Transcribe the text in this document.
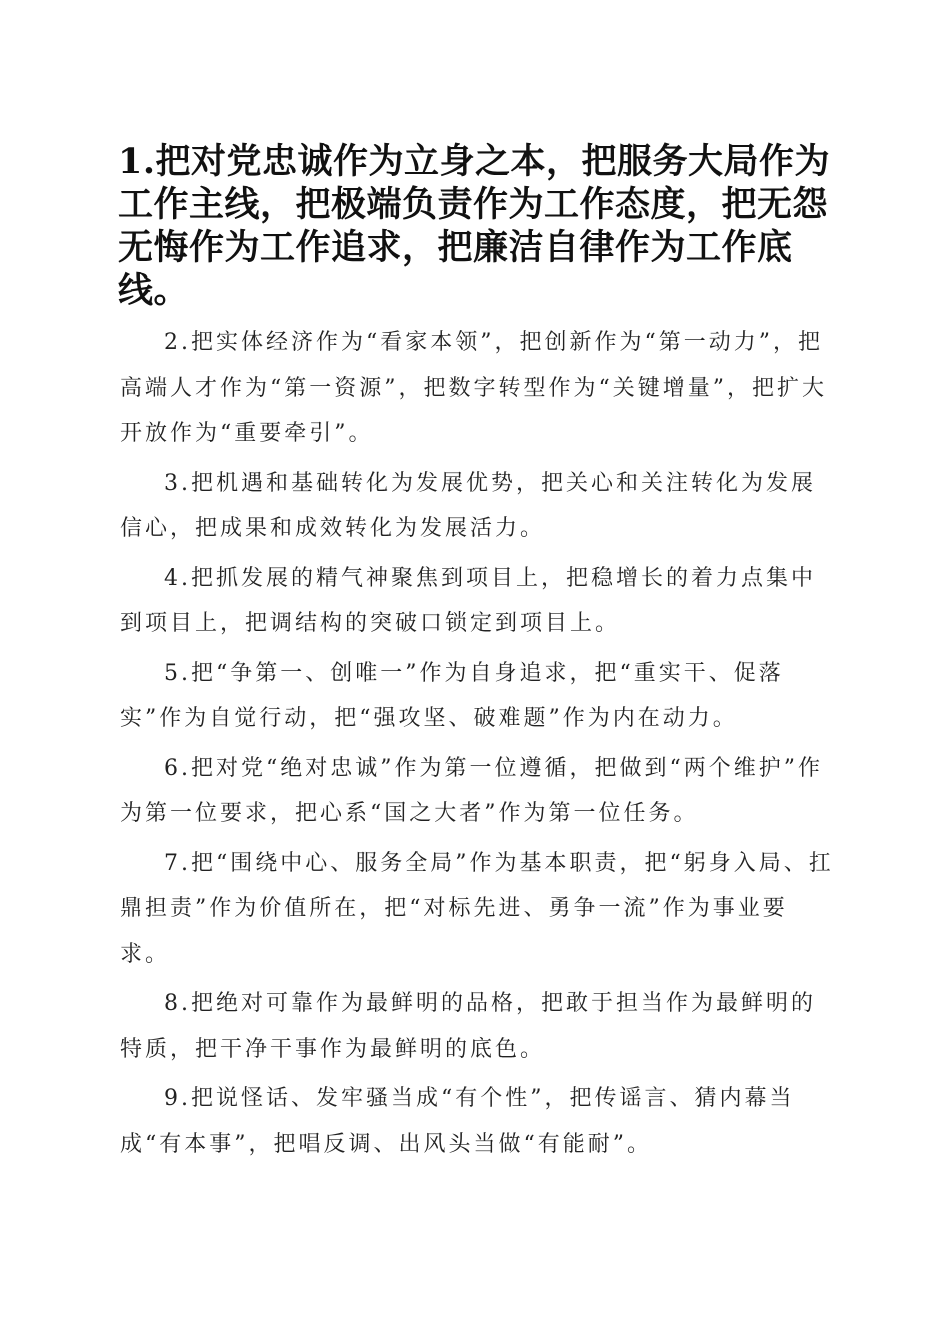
1.把对党忠诚作为立身之本，把服务大局作为工作主线，把极端负责作为工作态度，把无怨无悔作为工作追求，把廉洁自律作为工作底线。

2.把实体经济作为“看家本领”，把创新作为“第一动力”，把高端人才作为“第一资源”，把数字转型作为“关键增量”，把扩大开放作为“重要牵引”。

3.把机遇和基础转化为发展优势，把关心和关注转化为发展信心，把成果和成效转化为发展活力。

4.把抓发展的精气神聚焦到项目上，把稳增长的着力点集中到项目上，把调结构的突破口锁定到项目上。

5.把“争第一、创唯一”作为自身追求，把“重实干、促落实”作为自觉行动，把“强攻坚、破难题”作为内在动力。

6.把对党“绝对忠诚”作为第一位遵循，把做到“两个维护”作为第一位要求，把心系“国之大者”作为第一位任务。

7.把“围绕中心、服务全局”作为基本职责，把“躬身入局、扛鼎担责”作为价值所在，把“对标先进、勇争一流”作为事业要求。

8.把绝对可靠作为最鲜明的品格，把敢于担当作为最鲜明的特质，把干净干事作为最鲜明的底色。

9.把说怪话、发牢骚当成“有个性”，把传谣言、猜内幕当成“有本事”，把唱反调、出风头当做“有能耐”。
